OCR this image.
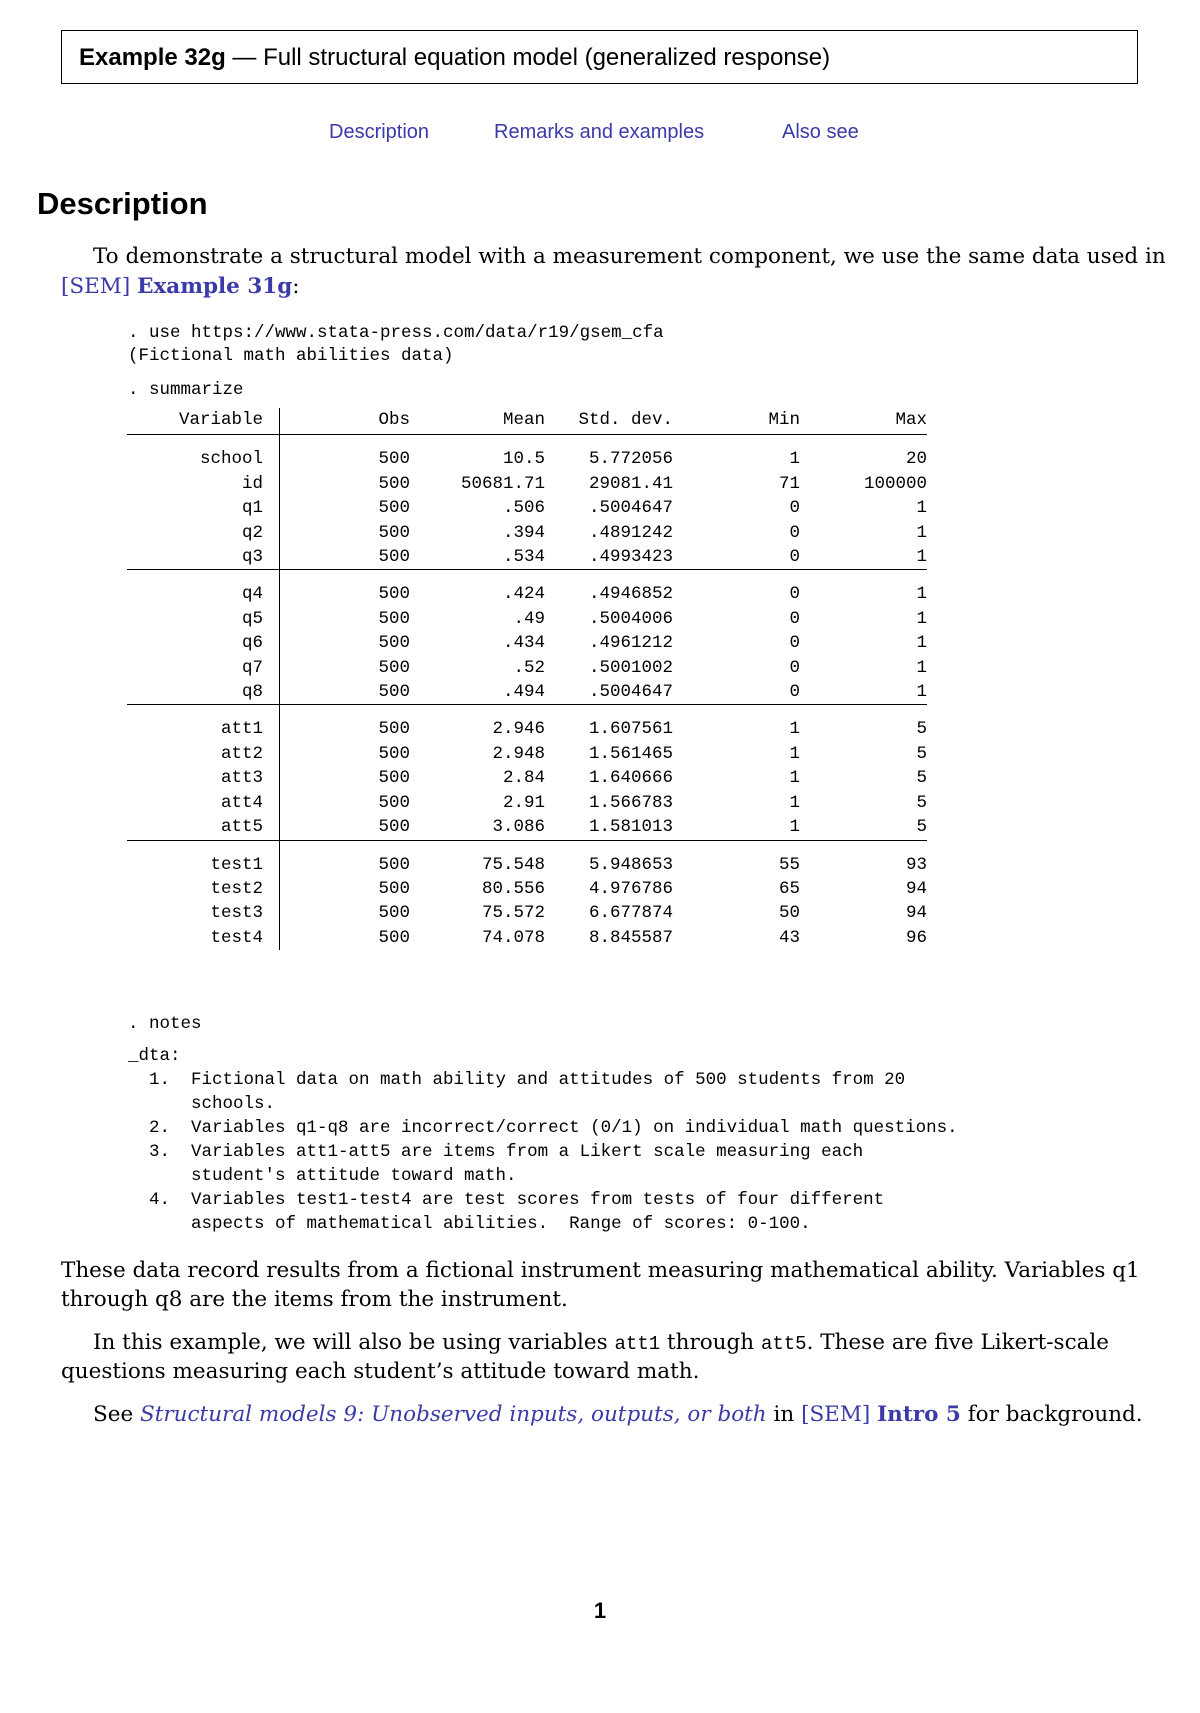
Example 32g — Full structural equation model (generalized response)
Description	Remarks and examples	Also see
Description
To demonstrate a structural model with a measurement component, we use the same data used in
[SEM] Example 31g:
. use https://www.stata-press.com/data/r19/gsem_cfa
(Fictional math abilities data)
. summarize
Variable	Obs	Mean	Std. dev.	Min	Max

school	500	10.5	5.772056	1	20
id	500	50681.71	29081.41	71	100000
q1	500	.506	.5004647	0	1
q2	500	.394	.4891242	0	1
q3	500	.534	.4993423	0	1

q4	500	.424	.4946852	0	1
q5	500	.49	.5004006	0	1
q6	500	.434	.4961212	0	1
q7	500	.52	.5001002	0	1
q8	500	.494	.5004647	0	1

att1	500	2.946	1.607561	1	5
att2	500	2.948	1.561465	1	5
att3	500	2.84	1.640666	1	5
att4	500	2.91	1.566783	1	5
att5	500	3.086	1.581013	1	5

test1	500	75.548	5.948653	55	93
test2	500	80.556	4.976786	65	94
test3	500	75.572	6.677874	50	94
test4	500	74.078	8.845587	43	96
. notes
_dta:
1.  Fictional data on math ability and attitudes of 500 students from 20
schools.
2.  Variables q1-q8 are incorrect/correct (0/1) on individual math questions.
3.  Variables att1-att5 are items from a Likert scale measuring each
student's attitude toward math.
4.  Variables test1-test4 are test scores from tests of four different
aspects of mathematical abilities.  Range of scores: 0-100.
These data record results from a fictional instrument measuring mathematical ability. Variables q1
through q8 are the items from the instrument.
In this example, we will also be using variables att1 through att5. These are five Likert-scale
questions measuring each student’s attitude toward math.
See Structural models 9: Unobserved inputs, outputs, or both in [SEM] Intro 5 for background.
1
